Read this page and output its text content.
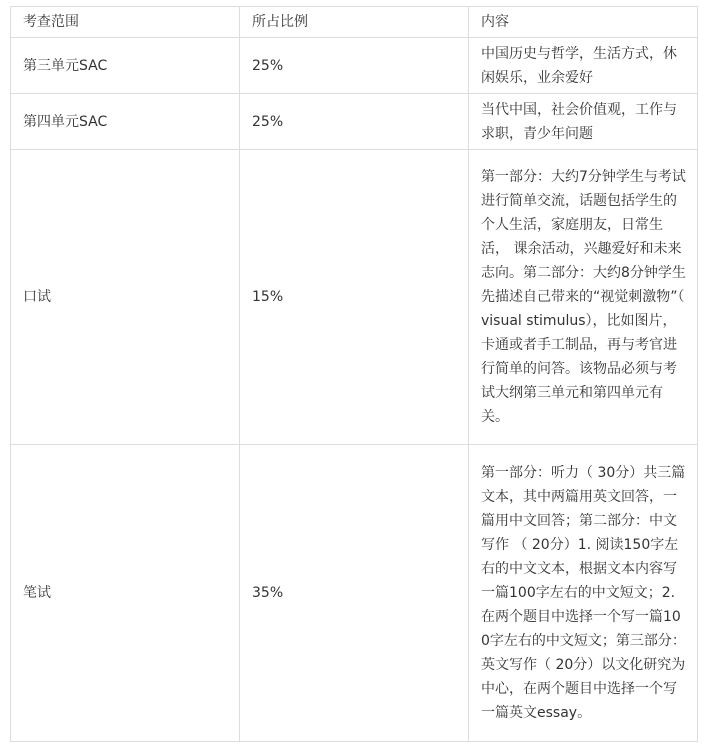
考查范围	所占比例	内容
第三单元SAC	25%	中国历史与哲学，生活方式，休闲娱乐，业余爱好
第四单元SAC	25%	当代中国，社会价值观，工作与求职，青少年问题
口试	15%	第一部分：大约7分钟学生与考试进行简单交流，话题包括学生的个人生活，家庭朋友，日常生活， 课余活动，兴趣爱好和未来志向。第二部分：大约8分钟学生先描述自己带来的“视觉刺激物”（ visual stimulus），比如图片，卡通或者手工制品，再与考官进行简单的问答。该物品必须与考试大纲第三单元和第四单元有关。
笔试	35%	第一部分：听力（ 30分）共三篇文本，其中两篇用英文回答，一篇用中文回答；第二部分：中文写作 （ 20分）1. 阅读150字左右的中文文本，根据文本内容写一篇100字左右的中文短文；2. 在两个题目中选择一个写一篇100字左右的中文短文；第三部分：英文写作（ 20分）以文化研究为中心，在两个题目中选择一个写一篇英文essay。
